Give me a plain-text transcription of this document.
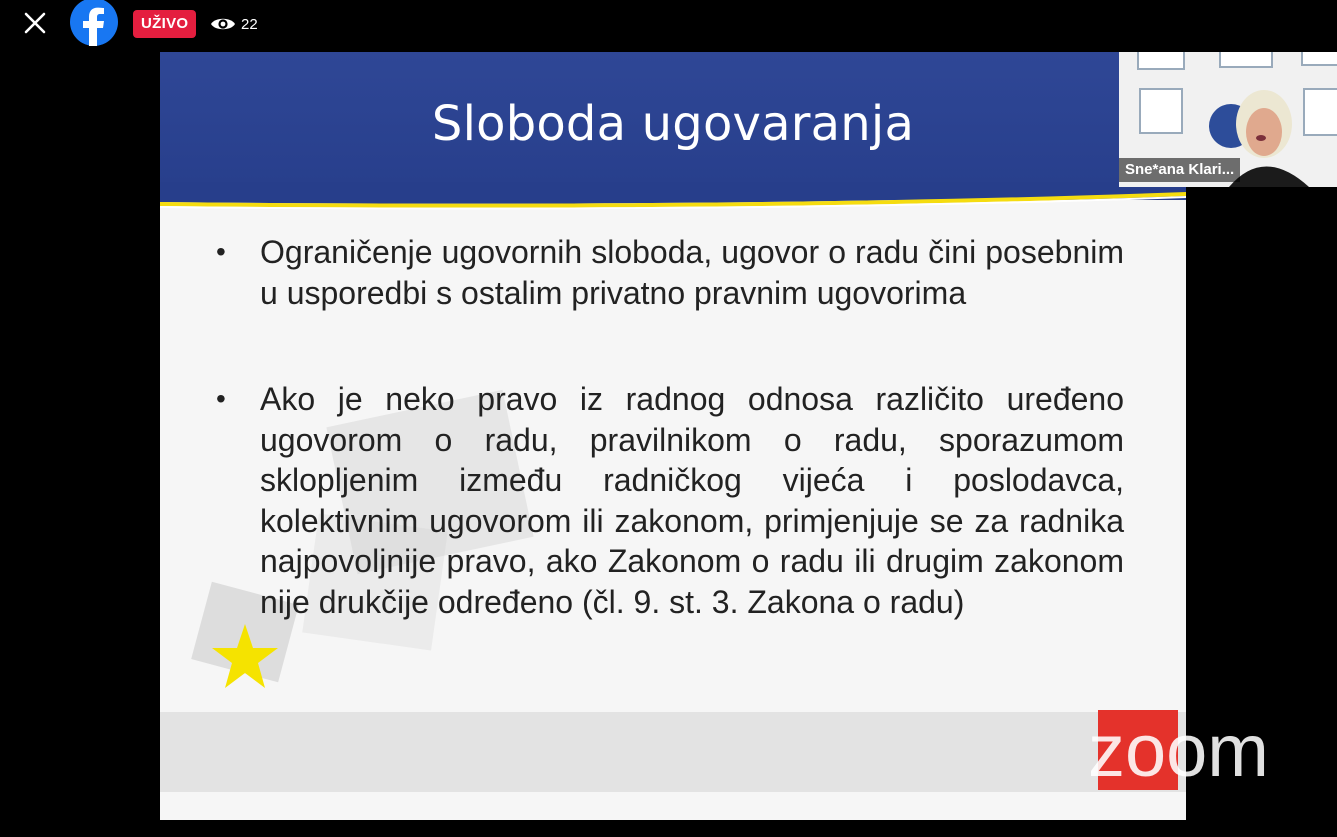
UŽIVO	22
Sloboda ugovaranja
•	Ograničenje ugovornih sloboda, ugovor o radu čini posebnim u usporedbi s ostalim privatno pravnim ugovorima
•	Ako je neko pravo iz radnog odnosa različito uređeno ugovorom o radu, pravilnikom o radu, sporazumom sklopljenim između radničkog vijeća i poslodavca, kolektivnim ugovorom ili zakonom, primjenjuje se za radnika najpovoljnije pravo, ako Zakonom o radu ili drugim zakonom nije drukčije određeno (čl. 9. st. 3. Zakona o radu)
Sne*ana Klari...
zoom
